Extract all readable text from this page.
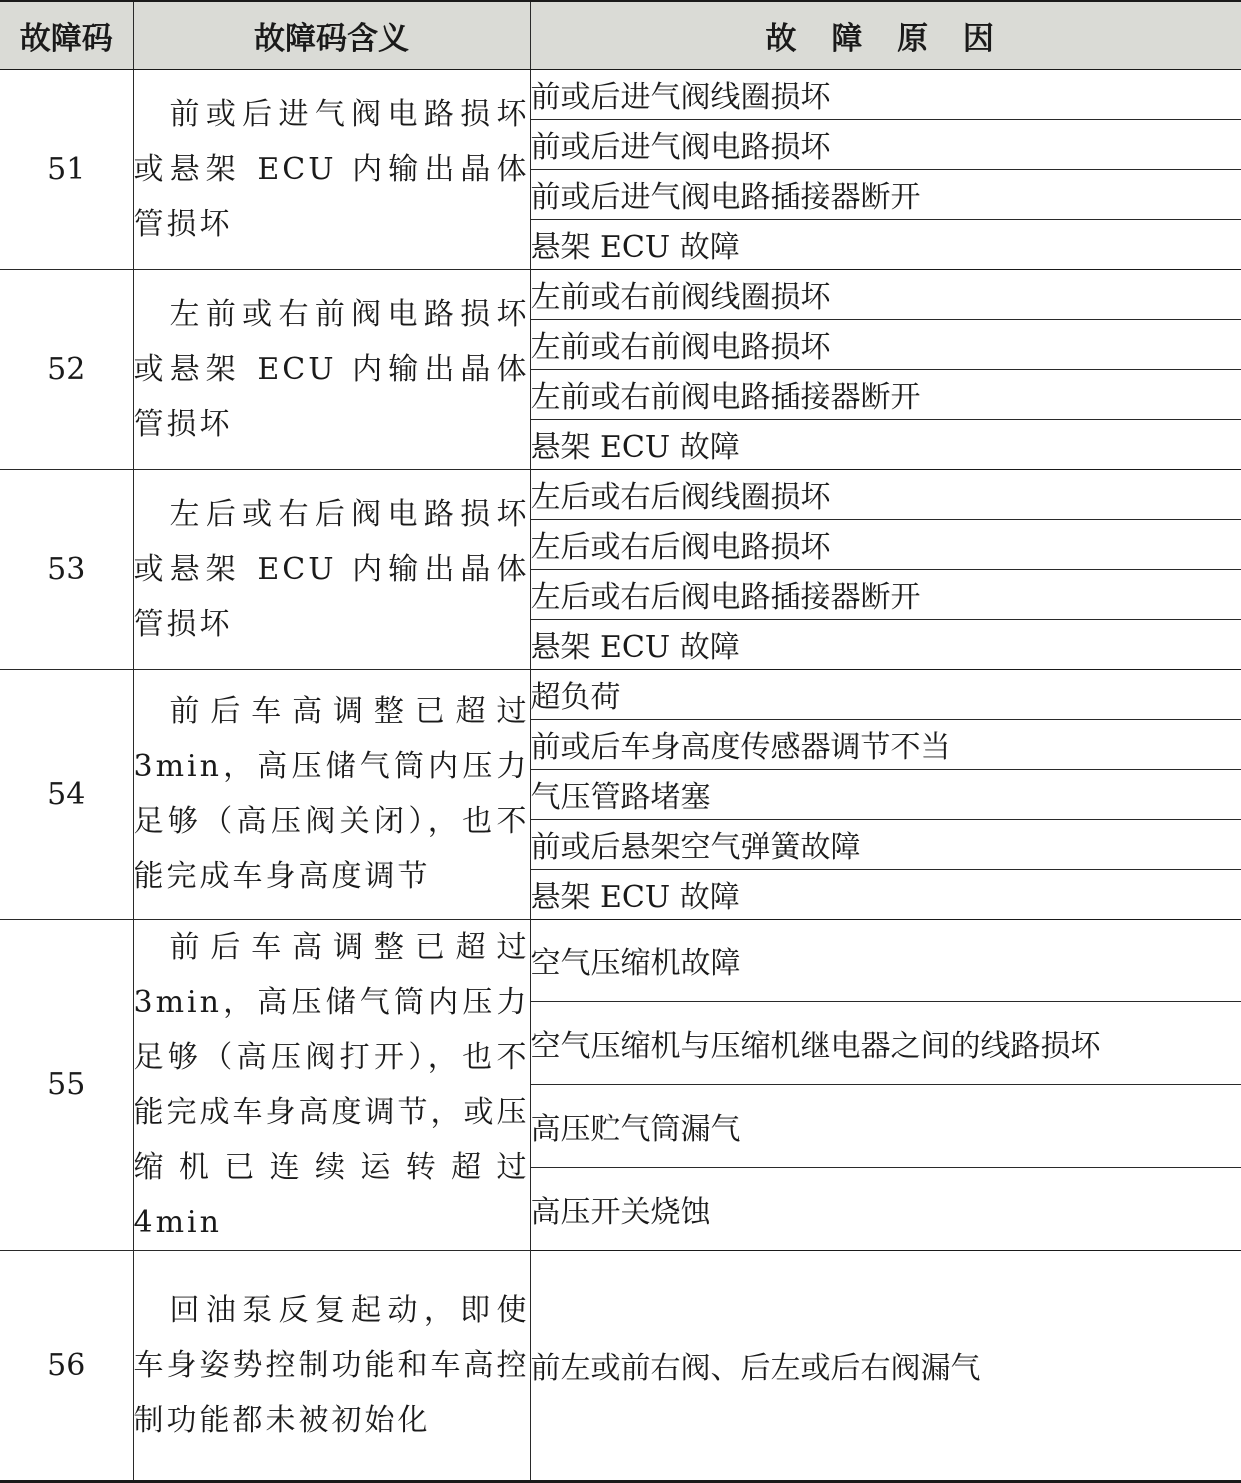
故障码	故障码含义	故 障 原 因
51	前或后进气阀电路损坏或悬架 ECU 内输出晶体管损坏	前或后进气阀线圈损坏
		前或后进气阀电路损坏
		前或后进气阀电路插接器断开
		悬架 ECU 故障
52	左前或右前阀电路损坏或悬架 ECU 内输出晶体管损坏	左前或右前阀线圈损坏
		左前或右前阀电路损坏
		左前或右前阀电路插接器断开
		悬架 ECU 故障
53	左后或右后阀电路损坏或悬架 ECU 内输出晶体管损坏	左后或右后阀线圈损坏
		左后或右后阀电路损坏
		左后或右后阀电路插接器断开
		悬架 ECU 故障
54	前后车高调整已超过 3min，高压储气筒内压力足够（高压阀关闭），也不能完成车身高度调节	超负荷
		前或后车身高度传感器调节不当
		气压管路堵塞
		前或后悬架空气弹簧故障
		悬架 ECU 故障
55	前后车高调整已超过 3min，高压储气筒内压力足够（高压阀打开），也不能完成车身高度调节，或压缩机已连续运转超过 4min	空气压缩机故障
		空气压缩机与压缩机继电器之间的线路损坏
		高压贮气筒漏气
		高压开关烧蚀
56	回油泵反复起动，即使车身姿势控制功能和车高控制功能都未被初始化	前左或前右阀、后左或后右阀漏气
